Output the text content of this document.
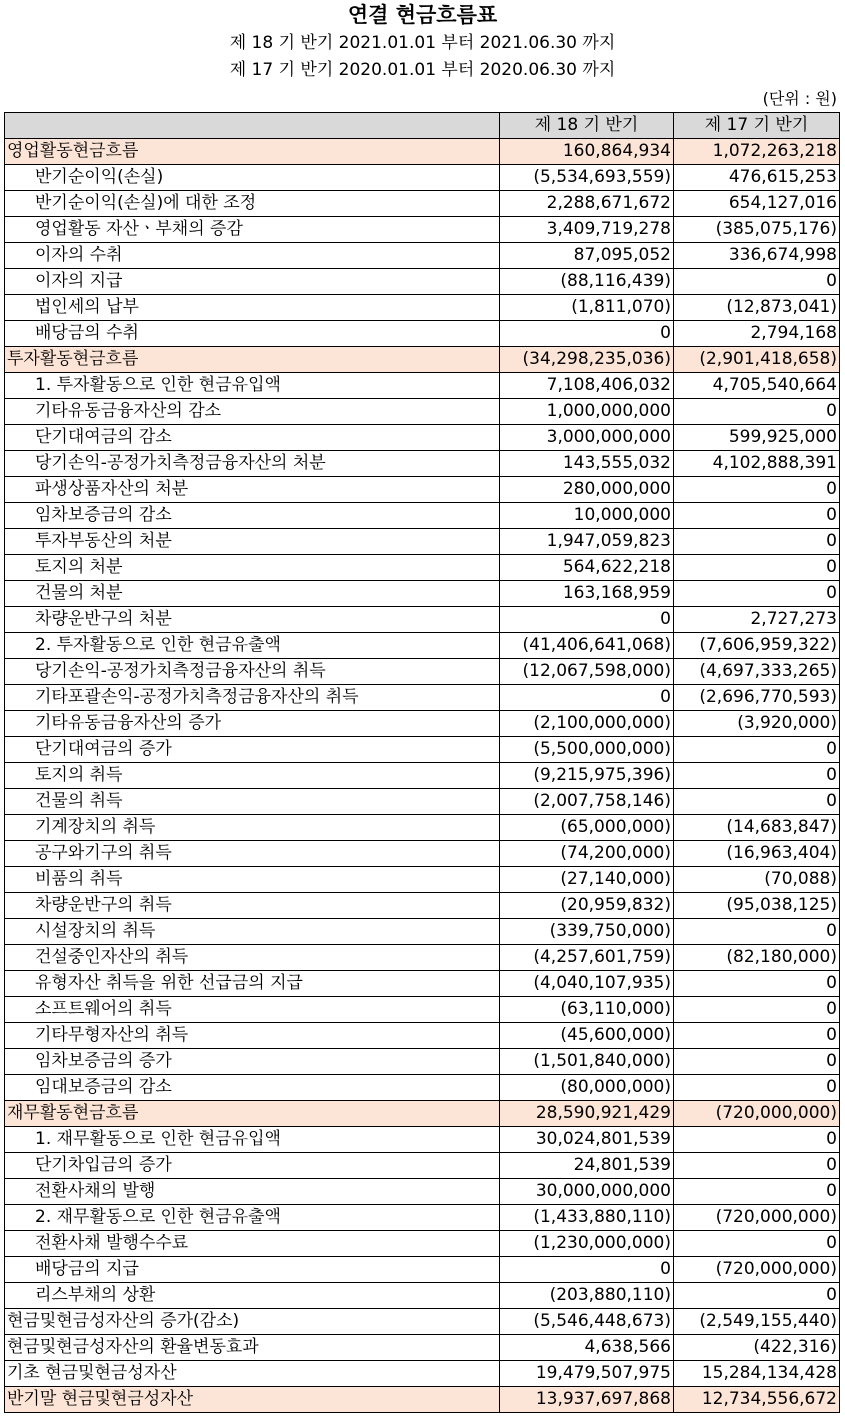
연결 현금흐름표
제 18 기 반기 2021.01.01 부터 2021.06.30 까지
제 17 기 반기 2020.01.01 부터 2020.06.30 까지
(단위 : 원)
	제 18 기 반기	제 17 기 반기
영업활동현금흐름	160,864,934	1,072,263,218
반기순이익(손실)	(5,534,693,559)	476,615,253
반기순이익(손실)에 대한 조정	2,288,671,672	654,127,016
영업활동 자산ㆍ부채의 증감	3,409,719,278	(385,075,176)
이자의 수취	87,095,052	336,674,998
이자의 지급	(88,116,439)	0
법인세의 납부	(1,811,070)	(12,873,041)
배당금의 수취	0	2,794,168
투자활동현금흐름	(34,298,235,036)	(2,901,418,658)
1. 투자활동으로 인한 현금유입액	7,108,406,032	4,705,540,664
기타유동금융자산의 감소	1,000,000,000	0
단기대여금의 감소	3,000,000,000	599,925,000
당기손익-공정가치측정금융자산의 처분	143,555,032	4,102,888,391
파생상품자산의 처분	280,000,000	0
임차보증금의 감소	10,000,000	0
투자부동산의 처분	1,947,059,823	0
토지의 처분	564,622,218	0
건물의 처분	163,168,959	0
차량운반구의 처분	0	2,727,273
2. 투자활동으로 인한 현금유출액	(41,406,641,068)	(7,606,959,322)
당기손익-공정가치측정금융자산의 취득	(12,067,598,000)	(4,697,333,265)
기타포괄손익-공정가치측정금융자산의 취득	0	(2,696,770,593)
기타유동금융자산의 증가	(2,100,000,000)	(3,920,000)
단기대여금의 증가	(5,500,000,000)	0
토지의 취득	(9,215,975,396)	0
건물의 취득	(2,007,758,146)	0
기계장치의 취득	(65,000,000)	(14,683,847)
공구와기구의 취득	(74,200,000)	(16,963,404)
비품의 취득	(27,140,000)	(70,088)
차량운반구의 취득	(20,959,832)	(95,038,125)
시설장치의 취득	(339,750,000)	0
건설중인자산의 취득	(4,257,601,759)	(82,180,000)
유형자산 취득을 위한 선급금의 지급	(4,040,107,935)	0
소프트웨어의 취득	(63,110,000)	0
기타무형자산의 취득	(45,600,000)	0
임차보증금의 증가	(1,501,840,000)	0
임대보증금의 감소	(80,000,000)	0
재무활동현금흐름	28,590,921,429	(720,000,000)
1. 재무활동으로 인한 현금유입액	30,024,801,539	0
단기차입금의 증가	24,801,539	0
전환사채의 발행	30,000,000,000	0
2. 재무활동으로 인한 현금유출액	(1,433,880,110)	(720,000,000)
전환사채 발행수수료	(1,230,000,000)	0
배당금의 지급	0	(720,000,000)
리스부채의 상환	(203,880,110)	0
현금및현금성자산의 증가(감소)	(5,546,448,673)	(2,549,155,440)
현금및현금성자산의 환율변동효과	4,638,566	(422,316)
기초 현금및현금성자산	19,479,507,975	15,284,134,428
반기말 현금및현금성자산	13,937,697,868	12,734,556,672
